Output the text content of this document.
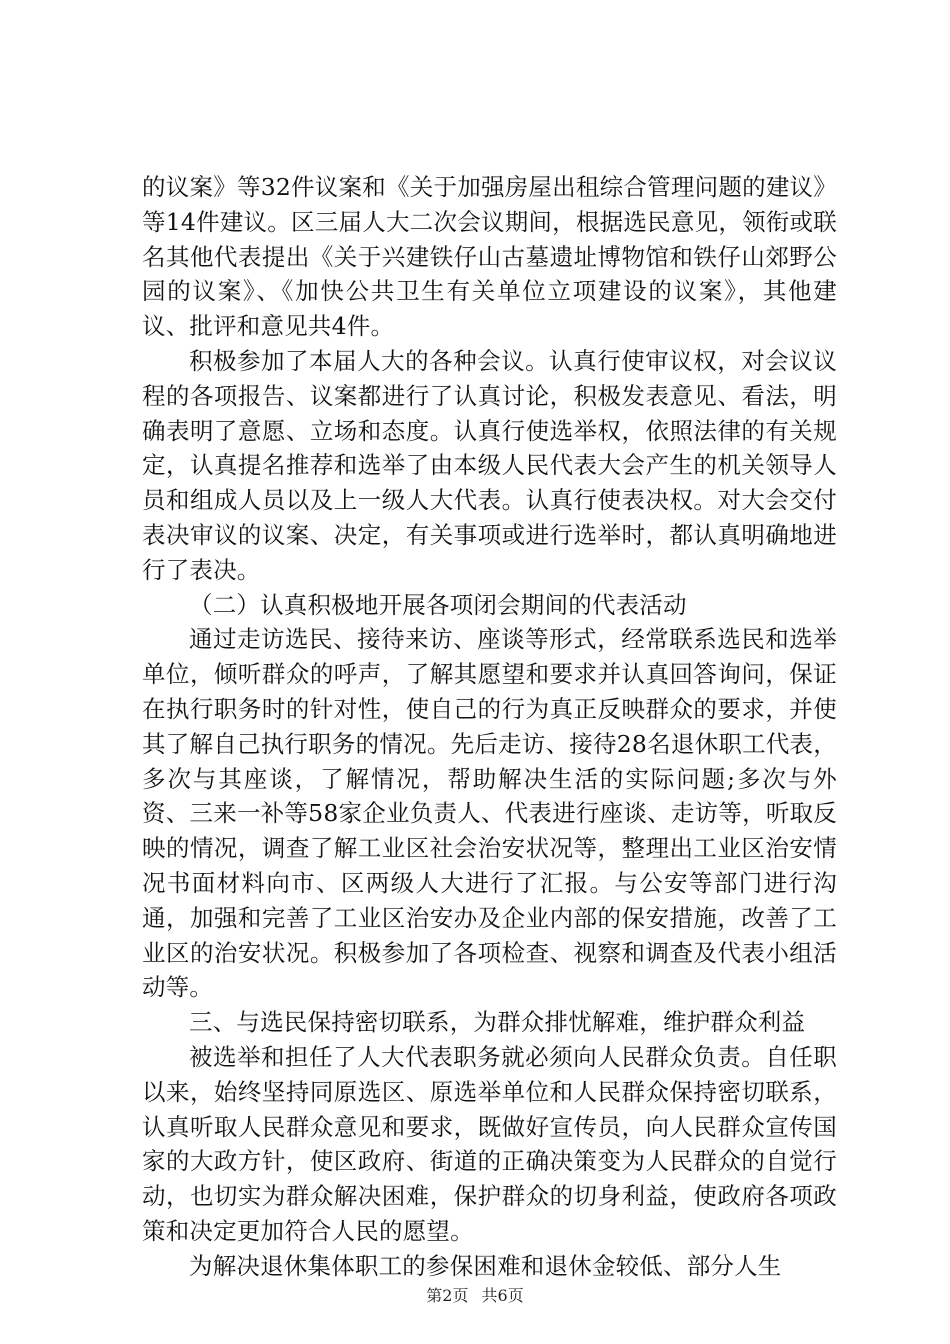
的议案》等32件议案和《关于加强房屋出租综合管理问题的建议》等14件建议。区三届人大二次会议期间，根据选民意见，领衔或联名其他代表提出《关于兴建铁仔山古墓遗址博物馆和铁仔山郊野公园的议案》、《加快公共卫生有关单位立项建设的议案》，其他建议、批评和意见共4件。

积极参加了本届人大的各种会议。认真行使审议权，对会议议程的各项报告、议案都进行了认真讨论，积极发表意见、看法，明确表明了意愿、立场和态度。认真行使选举权，依照法律的有关规定，认真提名推荐和选举了由本级人民代表大会产生的机关领导人员和组成人员以及上一级人大代表。认真行使表决权。对大会交付表决审议的议案、决定，有关事项或进行选举时，都认真明确地进行了表决。

（二）认真积极地开展各项闭会期间的代表活动

通过走访选民、接待来访、座谈等形式，经常联系选民和选举单位，倾听群众的呼声，了解其愿望和要求并认真回答询问，保证在执行职务时的针对性，使自己的行为真正反映群众的要求，并使其了解自己执行职务的情况。先后走访、接待28名退休职工代表，多次与其座谈，了解情况，帮助解决生活的实际问题;多次与外资、三来一补等58家企业负责人、代表进行座谈、走访等，听取反映的情况，调查了解工业区社会治安状况等，整理出工业区治安情况书面材料向市、区两级人大进行了汇报。与公安等部门进行沟通，加强和完善了工业区治安办及企业内部的保安措施，改善了工业区的治安状况。积极参加了各项检查、视察和调查及代表小组活动等。

三、与选民保持密切联系，为群众排忧解难，维护群众利益

被选举和担任了人大代表职务就必须向人民群众负责。自任职以来，始终坚持同原选区、原选举单位和人民群众保持密切联系，认真听取人民群众意见和要求，既做好宣传员，向人民群众宣传国家的大政方针，使区政府、街道的正确决策变为人民群众的自觉行动，也切实为群众解决困难，保护群众的切身利益，使政府各项政策和决定更加符合人民的愿望。

为解决退休集体职工的参保困难和退休金较低、部分人生

第2页 共6页
